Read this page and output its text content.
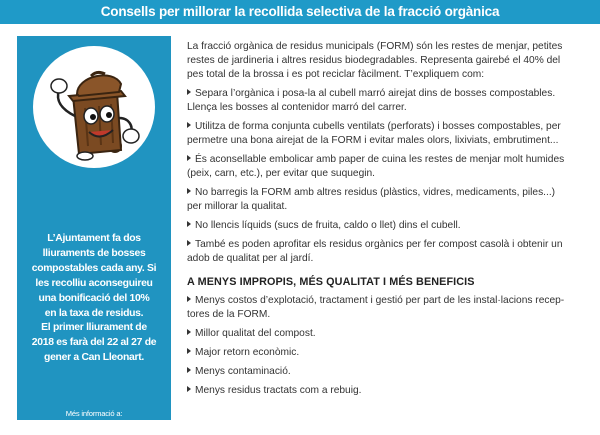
Consells per millorar la recollida selectiva de la fracció orgànica
L’Ajuntament fa dos
lliuraments de bosses
compostables cada any. Si
les recolliu aconseguireu
una bonificació del 10%
en la taxa de residus.
El primer lliurament de
2018 es farà del 22 al 27 de
gener a Can Lleonart.
Més informació a:
www.alella.cat/mediambient
La fracció orgànica de residus municipals (FORM) són les restes de menjar, petites
restes de jardineria i altres residus biodegradables. Representa gairebé el 40% del
pes total de la brossa i es pot reciclar fàcilment. T’expliquem com:
Separa l’orgànica i posa-la al cubell marró airejat dins de bosses compostables.
Llença les bosses al contenidor marró del carrer.
Utilitza de forma conjunta cubells ventilats (perforats) i bosses compostables, per
permetre una bona airejat de la FORM i evitar males olors, lixiviats, embrutiment...
És aconsellable embolicar amb paper de cuina les restes de menjar molt humides
(peix, carn, etc.), per evitar que suquegin.
No barregis la FORM amb altres residus (plàstics, vidres, medicaments, piles...)
per millorar la qualitat.
No llencis líquids (sucs de fruita, caldo o llet) dins el cubell.
També es poden aprofitar els residus orgànics per fer compost casolà i obtenir un
adob de qualitat per al jardí.
A MENYS IMPROPIS, MÉS QUALITAT I MÉS BENEFICIS
Menys costos d’explotació, tractament i gestió per part de les instal·lacions recep-
tores de la FORM.
Millor qualitat del compost.
Major retorn econòmic.
Menys contaminació.
Menys residus tractats com a rebuig.
